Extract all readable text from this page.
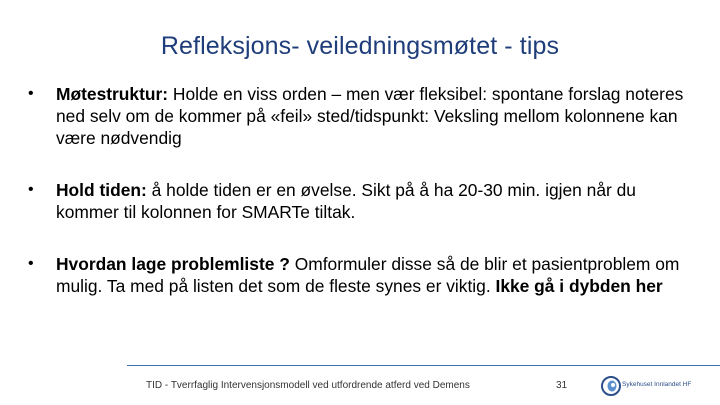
Refleksjons- veiledningsmøtet - tips
• Møtestruktur: Holde en viss orden – men vær fleksibel: spontane forslag noteres ned selv om de kommer på «feil» sted/tidspunkt: Veksling mellom kolonnene kan være nødvendig
• Hold tiden: å holde tiden er en øvelse. Sikt på å ha 20-30 min. igjen når du kommer til kolonnen for SMARTe tiltak.
• Hvordan lage problemliste ? Omformuler disse så de blir et pasientproblem om mulig. Ta med på listen det som de fleste synes er viktig. Ikke gå i dybden her
TID - Tverrfaglig Intervensjonsmodell ved utfordrende atferd ved Demens	31	Sykehuset Innlandet HF
